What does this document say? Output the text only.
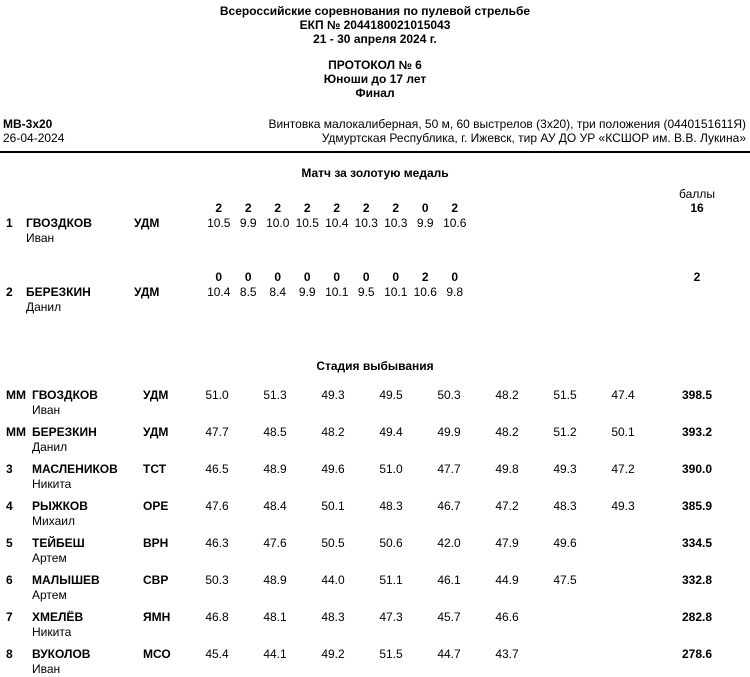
Всероссийские соревнования по пулевой стрельбе
ЕКП № 2044180021015043
21 - 30 апреля 2024 г.
ПРОТОКОЛ № 6
Юноши до 17 лет
Финал
МВ-3х20	Винтовка малокалиберная, 50 м, 60 выстрелов (3х20), три положения (0440151611Я)
26-04-2024	Удмуртская Республика, г. Ижевск, тир АУ ДО УР «КСШОР им. В.В. Лукина»
Матч за золотую медаль
баллы
2	2	2	2	2	2	2	0	2	16
1	ГВОЗДКОВ	УДМ	10.5 9.9 10.0 10.5 10.4 10.3 10.3 9.9 10.6
Иван
0	0	0	0	0	0	0	2	0	2
2	БЕРЕЗКИН	УДМ	10.4 8.5	8.4	9.9 10.1 9.5 10.1 10.6 9.8
Данил
Стадия выбывания
ММ ГВОЗДКОВ	УДМ	51.0	51.3	49.3	49.5	50.3	48.2	51.5	47.4	398.5
Иван
ММ БЕРЕЗКИН	УДМ	47.7	48.5	48.2	49.4	49.9	48.2	51.2	50.1	393.2
Данил
3	МАСЛЕНИКОВ	ТСТ	46.5	48.9	49.6	51.0	47.7	49.8	49.3	47.2	390.0
Никита
4	РЫЖКОВ	ОРЕ	47.6	48.4	50.1	48.3	46.7	47.2	48.3	49.3	385.9
Михаил
5	ТЕЙБЕШ	ВРН	46.3	47.6	50.5	50.6	42.0	47.9	49.6	334.5
Артем
6	МАЛЫШЕВ	СВР	50.3	48.9	44.0	51.1	46.1	44.9	47.5	332.8
Артем
7	ХМЕЛЁВ	ЯМН	46.8	48.1	48.3	47.3	45.7	46.6	282.8
Никита
8	ВУКОЛОВ	МСО	45.4	44.1	49.2	51.5	44.7	43.7	278.6
Иван
